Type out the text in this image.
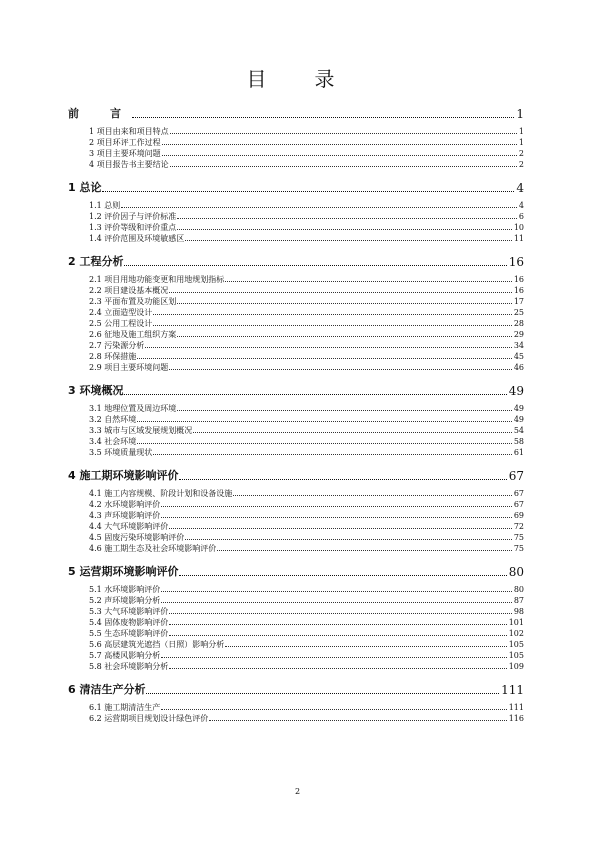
目　录
前　言	1
1 项目由来和项目特点	1
2 项目环评工作过程	1
3 项目主要环境问题	2
4 项目报告书主要结论	2
1 总论	4
1.1 总则	4
1.2 评价因子与评价标准	6
1.3 评价等级和评价重点	10
1.4 评价范围及环境敏感区	11
2 工程分析	16
2.1 项目用地功能变更和用地规划指标	16
2.2 项目建设基本概况	16
2.3 平面布置及功能区划	17
2.4 立面造型设计	25
2.5 公用工程设计	28
2.6 征地及施工组织方案	29
2.7 污染源分析	34
2.8 环保措施	45
2.9 项目主要环境问题	46
3 环境概况	49
3.1 地理位置及周边环境	49
3.2 自然环境	49
3.3 城市与区域发展规划概况	54
3.4 社会环境	58
3.5 环境质量现状	61
4 施工期环境影响评价	67
4.1 施工内容规模、阶段计划和设备设施	67
4.2 水环境影响评价	67
4.3 声环境影响评价	69
4.4 大气环境影响评价	72
4.5 固废污染环境影响评价	75
4.6 施工期生态及社会环境影响评价	75
5 运营期环境影响评价	80
5.1 水环境影响评价	80
5.2 声环境影响分析	87
5.3 大气环境影响评价	98
5.4 固体废物影响评价	101
5.5 生态环境影响评价	102
5.6 高层建筑光遮挡（日照）影响分析	105
5.7 高楼风影响分析	105
5.8 社会环境影响分析	109
6 清洁生产分析	111
6.1 施工期清洁生产	111
6.2 运营期项目规划设计绿色评价	116
2
